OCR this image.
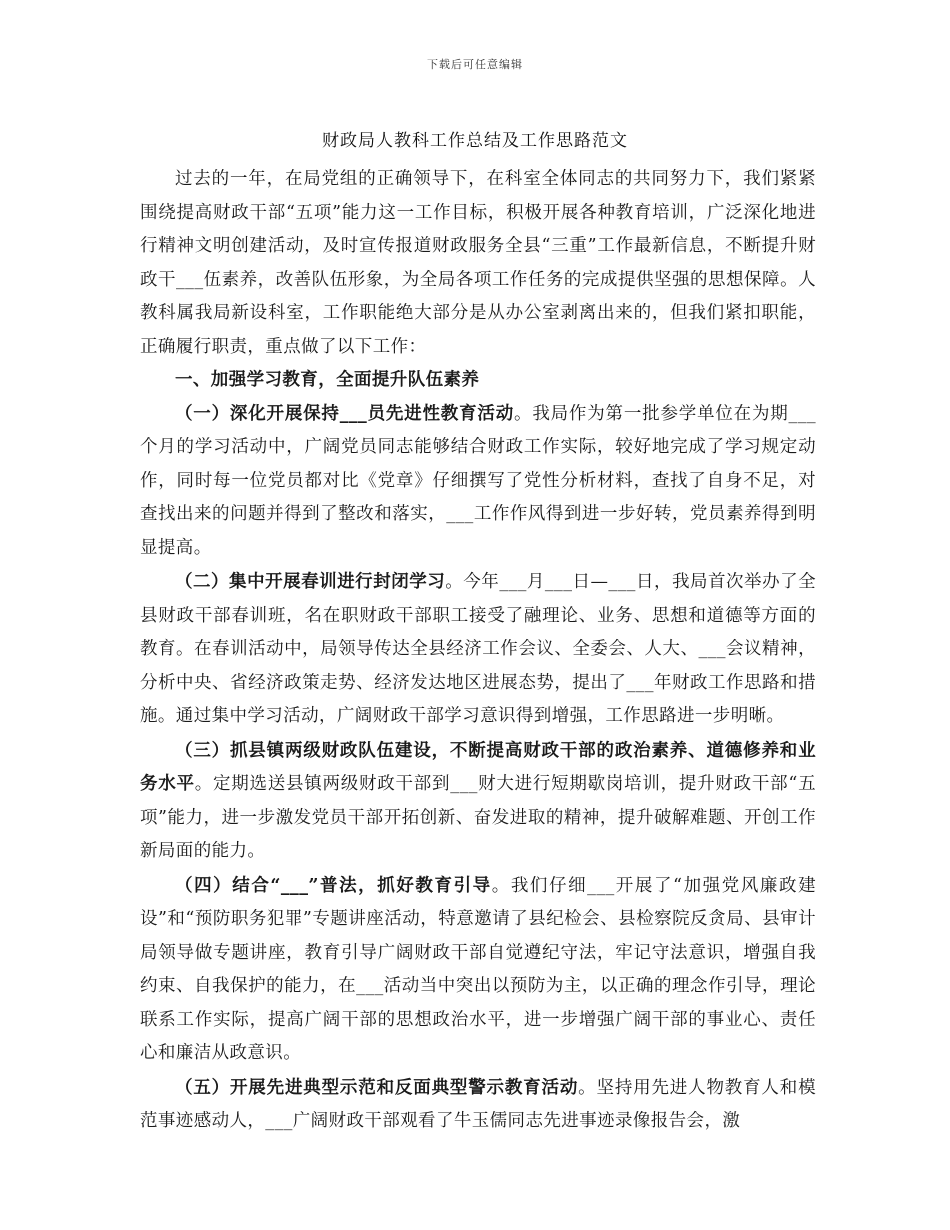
下载后可任意编辑
财政局人教科工作总结及工作思路范文

过去的一年，在局党组的正确领导下，在科室全体同志的共同努力下，我们紧紧围绕提高财政干部“五项”能力这一工作目标，积极开展各种教育培训，广泛深化地进行精神文明创建活动，及时宣传报道财政服务全县“三重”工作最新信息，不断提升财政干___伍素养，改善队伍形象，为全局各项工作任务的完成提供坚强的思想保障。人教科属我局新设科室，工作职能绝大部分是从办公室剥离出来的，但我们紧扣职能，正确履行职责，重点做了以下工作：

一、加强学习教育，全面提升队伍素养

（一）深化开展保持___员先进性教育活动。我局作为第一批参学单位在为期___个月的学习活动中，广阔党员同志能够结合财政工作实际，较好地完成了学习规定动作，同时每一位党员都对比《党章》仔细撰写了党性分析材料，查找了自身不足，对查找出来的问题并得到了整改和落实，___工作作风得到进一步好转，党员素养得到明显提高。

（二）集中开展春训进行封闭学习。今年___月___日—___日，我局首次举办了全县财政干部春训班，名在职财政干部职工接受了融理论、业务、思想和道德等方面的教育。在春训活动中，局领导传达全县经济工作会议、全委会、人大、___会议精神，分析中央、省经济政策走势、经济发达地区进展态势，提出了___年财政工作思路和措施。通过集中学习活动，广阔财政干部学习意识得到增强，工作思路进一步明晰。

（三）抓县镇两级财政队伍建设，不断提高财政干部的政治素养、道德修养和业务水平。定期选送县镇两级财政干部到___财大进行短期歇岗培训，提升财政干部“五项”能力，进一步激发党员干部开拓创新、奋发进取的精神，提升破解难题、开创工作新局面的能力。

（四）结合“___”普法，抓好教育引导。我们仔细___开展了“加强党风廉政建设”和“预防职务犯罪”专题讲座活动，特意邀请了县纪检会、县检察院反贪局、县审计局领导做专题讲座，教育引导广阔财政干部自觉遵纪守法，牢记守法意识，增强自我约束、自我保护的能力，在___活动当中突出以预防为主，以正确的理念作引导，理论联系工作实际，提高广阔干部的思想政治水平，进一步增强广阔干部的事业心、责任心和廉洁从政意识。

（五）开展先进典型示范和反面典型警示教育活动。坚持用先进人物教育人和模范事迹感动人，___广阔财政干部观看了牛玉儒同志先进事迹录像报告会，激
